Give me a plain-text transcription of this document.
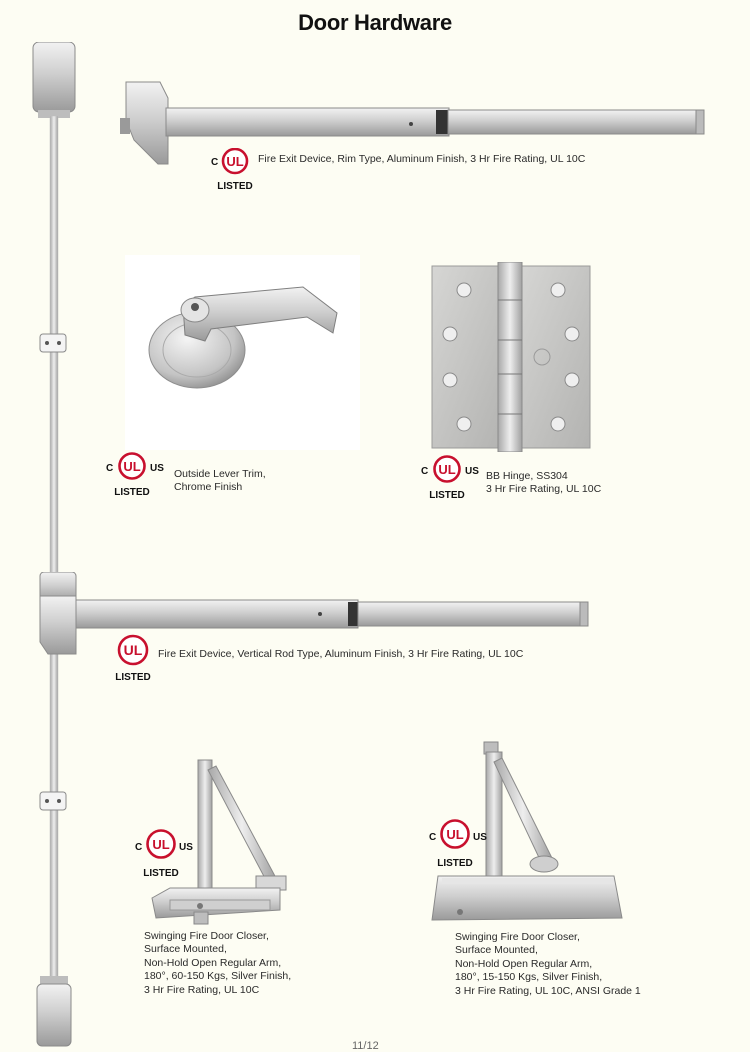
Door Hardware
UL
C
LISTED
Fire Exit Device, Rim Type, Aluminum Finish, 3 Hr Fire Rating, UL 10C
UL
C	US
LISTED
Outside Lever Trim,
Chrome Finish
UL
C	US
LISTED
BB Hinge, SS304
3 Hr Fire Rating, UL 10C
UL
LISTED
Fire Exit Device, Vertical Rod Type, Aluminum Finish, 3 Hr Fire Rating, UL 10C
UL
C	US
LISTED
Swinging Fire Door Closer,
Surface Mounted,
Non-Hold Open Regular Arm,
180°, 60-150 Kgs, Silver Finish,
3 Hr Fire Rating, UL 10C
UL
C	US
LISTED
Swinging Fire Door Closer,
Surface Mounted,
Non-Hold Open Regular Arm,
180°, 15-150 Kgs, Silver Finish,
3 Hr Fire Rating, UL 10C, ANSI Grade 1
11/12
